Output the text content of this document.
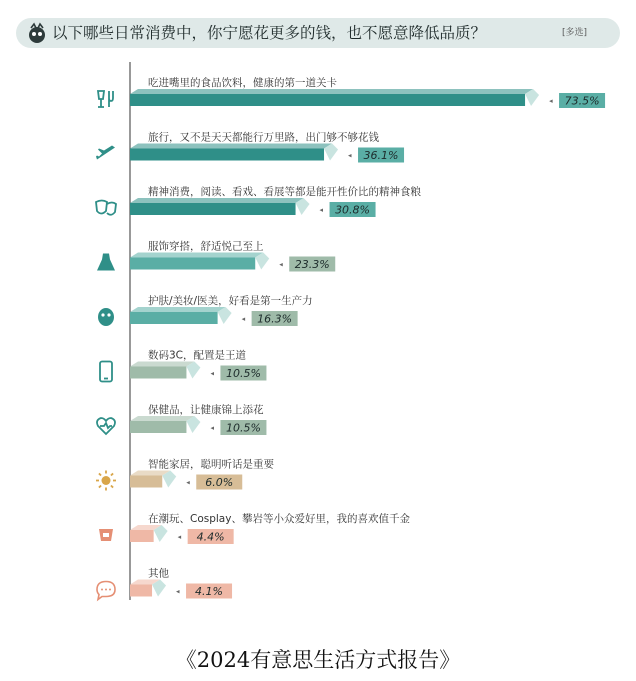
以下哪些日常消费中，你宁愿花更多的钱，也不愿意降低品质？	[多选]
吃进嘴里的食品饮料，健康的第一道关卡
◂ 73.5%
旅行，又不是天天都能行万里路，出门够不够花钱
◂ 36.1%
精神消费，阅读、看戏、看展等都是能开性价比的精神食粮
◂ 30.8%
服饰穿搭，舒适悦己至上
◂ 23.3%
护肤/美妆/医美，好看是第一生产力
◂ 16.3%
数码3C，配置是王道
◂ 10.5%
保健品，让健康锦上添花
◂ 10.5%
智能家居，聪明听话是重要
◂ 6.0%
在潮玩、Cosplay、攀岩等小众爱好里，我的喜欢值千金
◂ 4.4%
其他
◂ 4.1%
《2024有意思生活方式报告》
